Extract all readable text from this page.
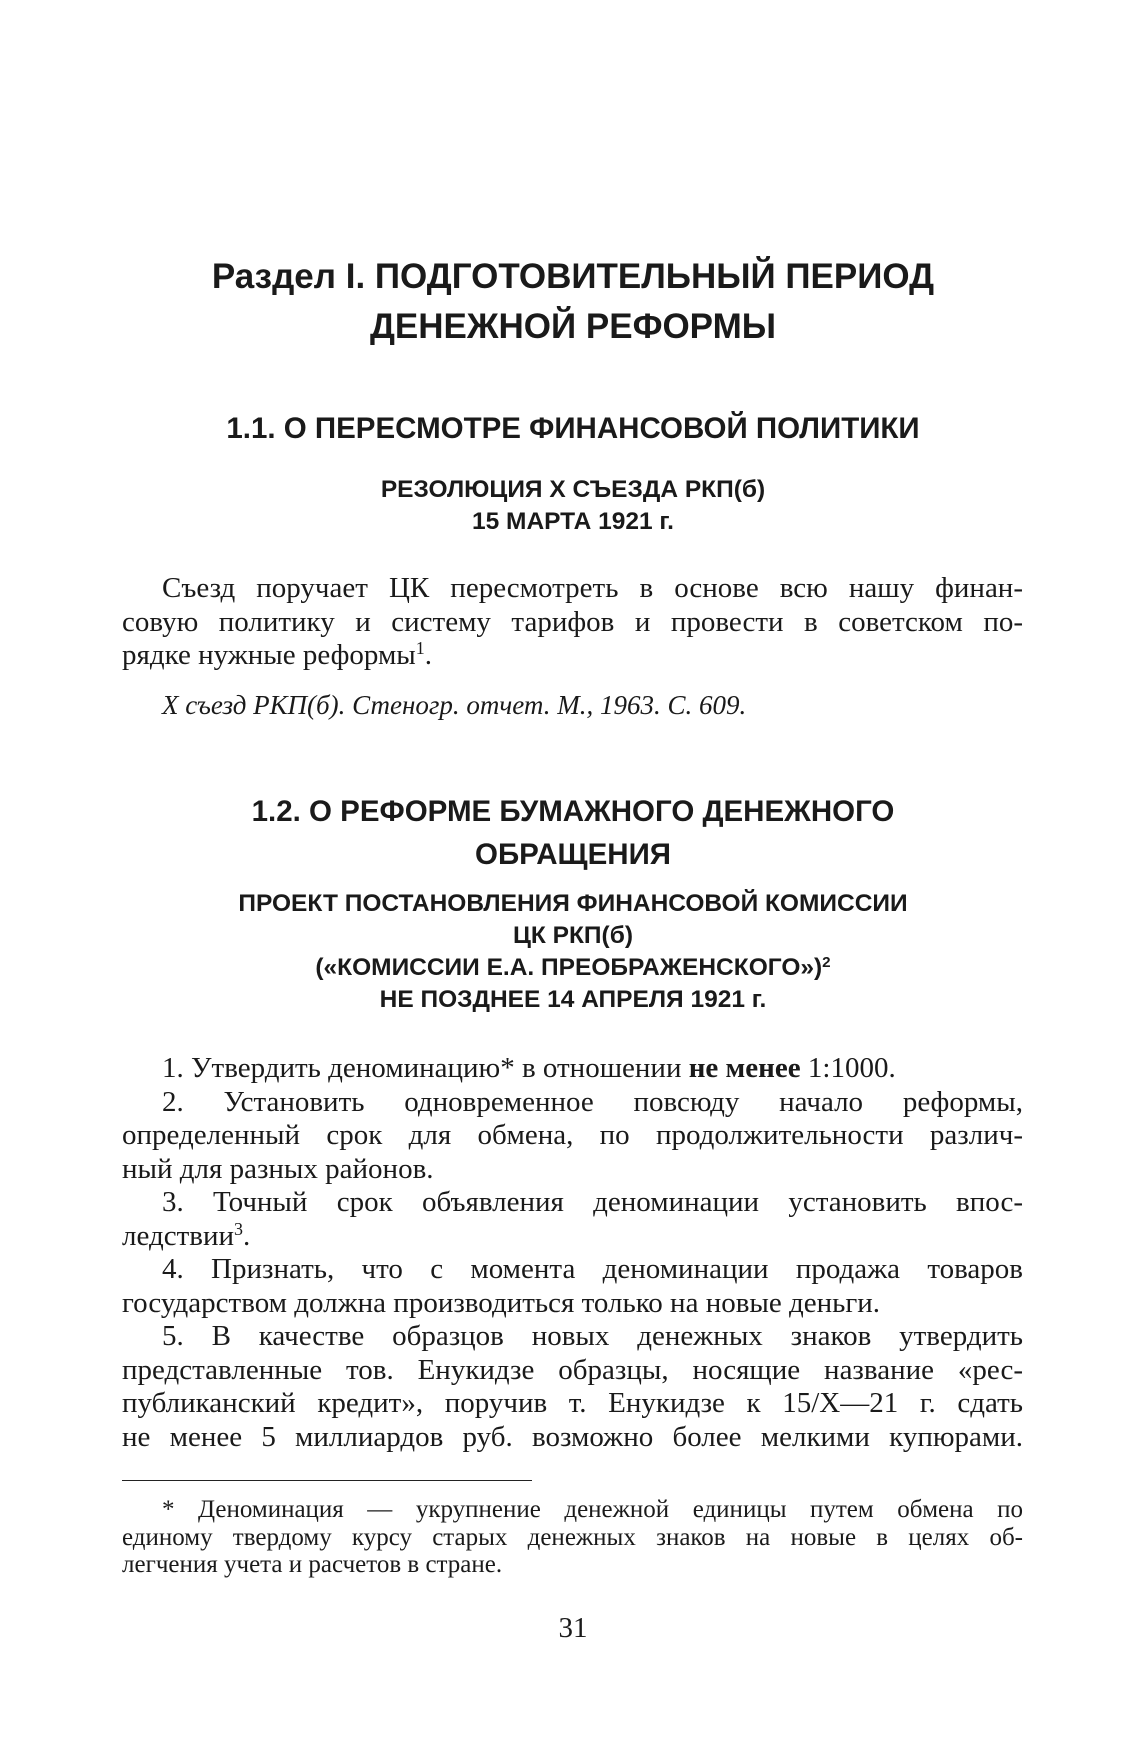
Раздел I. ПОДГОТОВИТЕЛЬНЫЙ ПЕРИОД
ДЕНЕЖНОЙ РЕФОРМЫ
1.1. О ПЕРЕСМОТРЕ ФИНАНСОВОЙ ПОЛИТИКИ
РЕЗОЛЮЦИЯ X СЪЕЗДА РКП(б)
15 МАРТА 1921 г.

Съезд поручает ЦК пересмотреть в основе всю нашу финан-
совую политику и систему тарифов и провести в советском по-
рядке нужные реформы$^1$.

X съезд РКП(б). Стеногр. отчет. М., 1963. С. 609.

1.2. О РЕФОРМЕ БУМАЖНОГО ДЕНЕЖНОГО
ОБРАЩЕНИЯ
ПРОЕКТ ПОСТАНОВЛЕНИЯ ФИНАНСОВОЙ КОМИССИИ
ЦК РКП(б)
(«КОМИССИИ Е.А. ПРЕОБРАЖЕНСКОГО»)$^2$
НЕ ПОЗДНЕЕ 14 АПРЕЛЯ 1921 г.
1. Утвердить деноминацию* в отношении не менее 1:1000.
2. Установить одновременное повсюду начало реформы,
определенный срок для обмена, по продолжительности различ-
ный для разных районов.
3. Точный срок объявления деноминации установить впос-
ледствии$^3$.
4. Признать, что с момента деноминации продажа товаров
государством должна производиться только на новые деньги.
5. В качестве образцов новых денежных знаков утвердить
представленные тов. Енукидзе образцы, носящие название «рес-
публиканский кредит», поручив т. Енукидзе к 15/X—21 г. сдать
не менее 5 миллиардов руб. возможно более мелкими купюрами.

* Деноминация — укрупнение денежной единицы путем обмена по
единому твердому курсу старых денежных знаков на новые в целях об-
легчения учета и расчетов в стране.

31
